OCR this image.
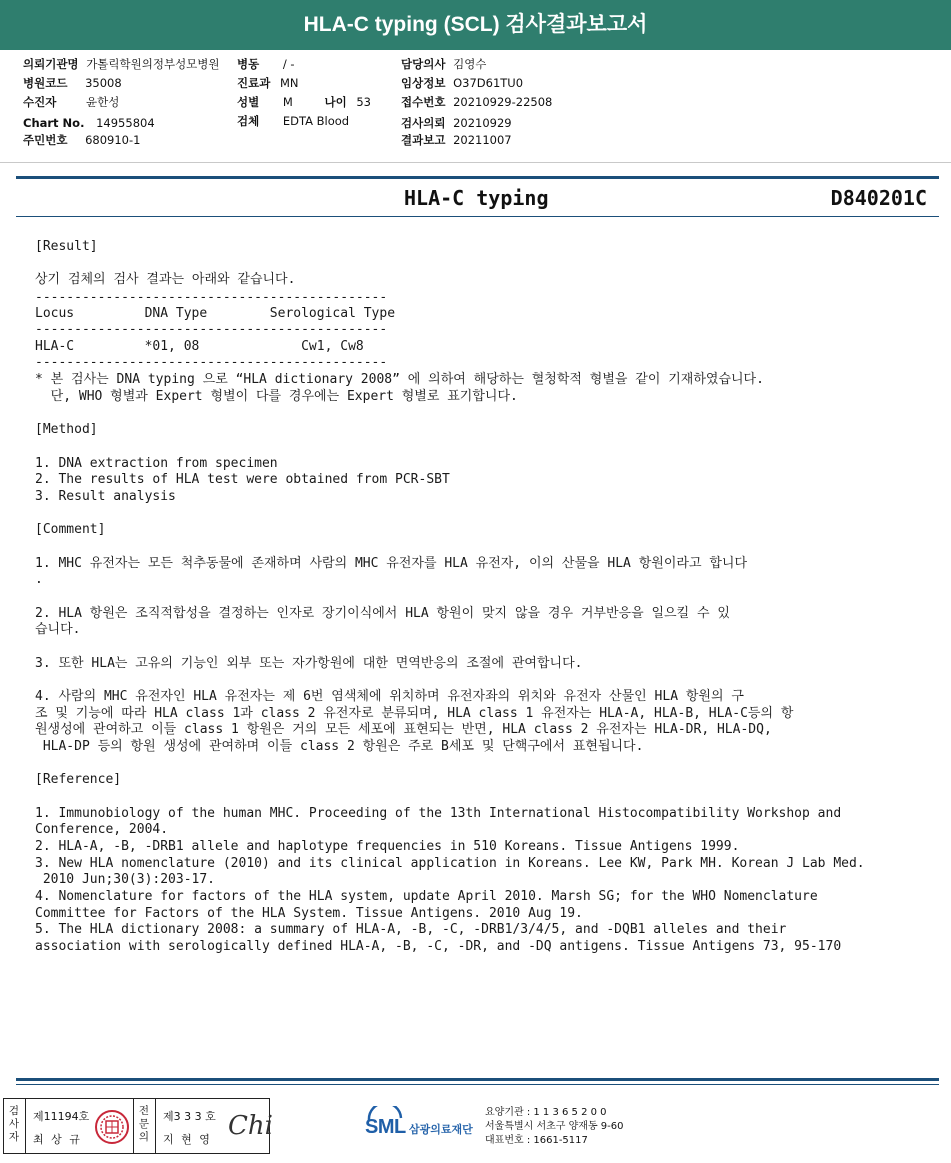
HLA-C typing (SCL) 검사결과보고서
의뢰기관명 가톨릭학원의정부성모병원 병동 / -	담당의사 김영수
병원코드 35008	진료과 MN	임상정보 O37D61TU0
수진자	윤한성	성별 M	나이 53	접수번호 20210929-22508
Chart No. 14955804	검체 EDTA Blood	검사의뢰 20210929
주민번호 680910-1	결과보고 20211007
HLA-C typing	D840201C
[Result]
상기 검체의 검사 결과는 아래와 같습니다.
---------------------------------------------
Locus         DNA Type        Serological Type
---------------------------------------------
HLA-C         *01, 08             Cw1, Cw8
---------------------------------------------
* 본 검사는 DNA typing 으로 “HLA dictionary 2008” 에 의하여 해당하는 혈청학적 형별을 같이 기재하였습니다.
단, WHO 형별과 Expert 형별이 다를 경우에는 Expert 형별로 표기합니다.
[Method]
1. DNA extraction from specimen
2. The results of HLA test were obtained from PCR-SBT
3. Result analysis
[Comment]
1. MHC 유전자는 모든 척추동물에 존재하며 사람의 MHC 유전자를 HLA 유전자, 이의 산물을 HLA 항원이라고 합니다
.
2. HLA 항원은 조직적합성을 결정하는 인자로 장기이식에서 HLA 항원이 맞지 않을 경우 거부반응을 일으킬 수 있
습니다.
3. 또한 HLA는 고유의 기능인 외부 또는 자가항원에 대한 면역반응의 조절에 관여합니다.
4. 사람의 MHC 유전자인 HLA 유전자는 제 6번 염색체에 위치하며 유전자좌의 위치와 유전자 산물인 HLA 항원의 구
조 및 기능에 따라 HLA class 1과 class 2 유전자로 분류되며, HLA class 1 유전자는 HLA-A, HLA-B, HLA-C등의 항
원생성에 관여하고 이들 class 1 항원은 거의 모든 세포에 표현되는 반면, HLA class 2 유전자는 HLA-DR, HLA-DQ,
HLA-DP 등의 항원 생성에 관여하며 이들 class 2 항원은 주로 B세포 및 단핵구에서 표현됩니다.
[Reference]
1. Immunobiology of the human MHC. Proceeding of the 13th International Histocompatibility Workshop and
Conference, 2004.
2. HLA-A, -B, -DRB1 allele and haplotype frequencies in 510 Koreans. Tissue Antigens 1999.
3. New HLA nomenclature (2010) and its clinical application in Koreans. Lee KW, Park MH. Korean J Lab Med.
2010 Jun;30(3):203-17.
4. Nomenclature for factors of the HLA system, update April 2010. Marsh SG; for the WHO Nomenclature
Committee for Factors of the HLA System. Tissue Antigens. 2010 Aug 19.
5. The HLA dictionary 2008: a summary of HLA-A, -B, -C, -DRB1/3/4/5, and -DQB1 alleles and their
association with serologically defined HLA-A, -B, -C, -DR, and -DQ antigens. Tissue Antigens 73, 95-170
검
사
자
제11194호
최 상 규
전
문
의
제3 3 3 호
지 현 영 Chi	SML 삼광의료재단
요양기관 : 1 1 3 6 5 2 0 0
서울특별시 서초구 양재동 9-60
대표번호 : 1661-5117
